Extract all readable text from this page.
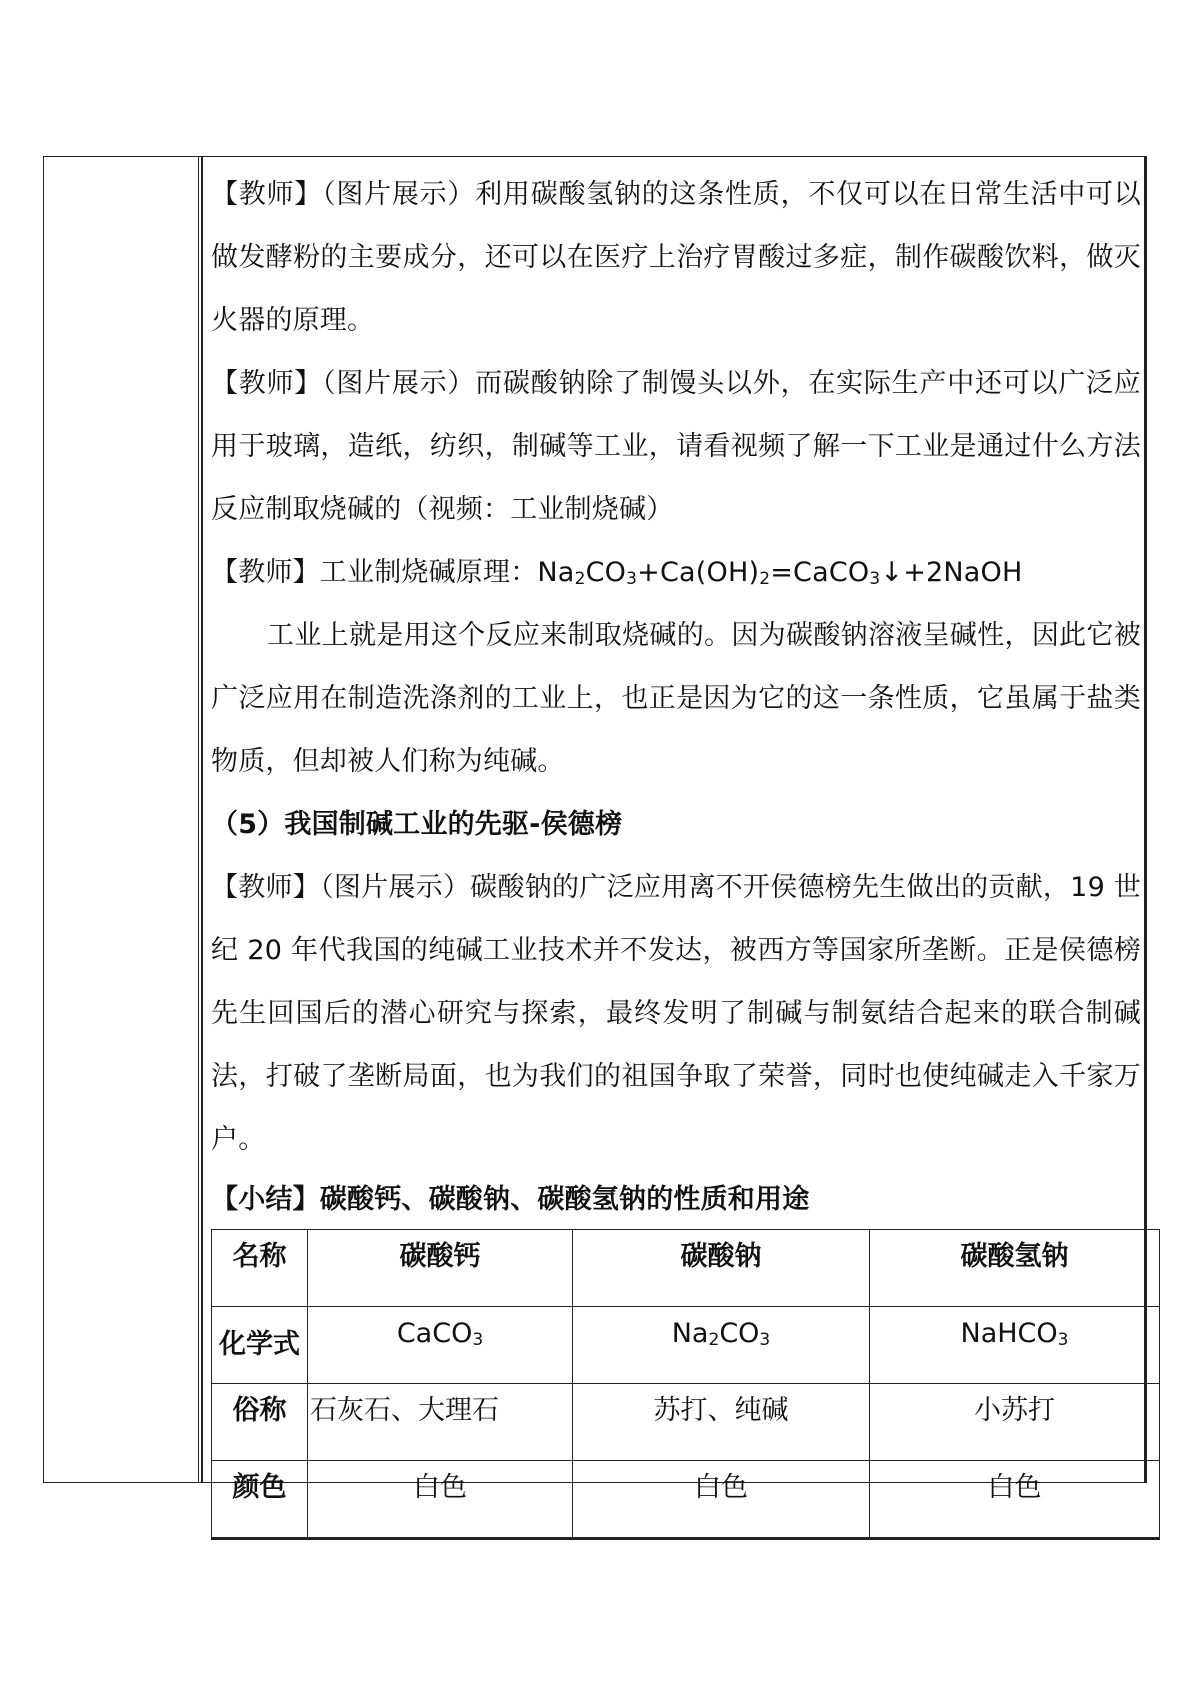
【教师】（图片展示）利用碳酸氢钠的这条性质，不仅可以在日常生活中可以做发酵粉的主要成分，还可以在医疗上治疗胃酸过多症，制作碳酸饮料，做灭火器的原理。

【教师】（图片展示）而碳酸钠除了制馒头以外，在实际生产中还可以广泛应用于玻璃，造纸，纺织，制碱等工业，请看视频了解一下工业是通过什么方法反应制取烧碱的（视频：工业制烧碱）

【教师】工业制烧碱原理：$Na_2CO_3+Ca(OH)_2=CaCO_3↓+2NaOH$

工业上就是用这个反应来制取烧碱的。因为碳酸钠溶液呈碱性，因此它被广泛应用在制造洗涤剂的工业上，也正是因为它的这一条性质，它虽属于盐类物质，但却被人们称为纯碱。

（5）我国制碱工业的先驱-侯德榜

【教师】（图片展示）碳酸钠的广泛应用离不开侯德榜先生做出的贡献，19 世纪 20 年代我国的纯碱工业技术并不发达，被西方等国家所垄断。正是侯德榜先生回国后的潜心研究与探索，最终发明了制碱与制氨结合起来的联合制碱法，打破了垄断局面，也为我们的祖国争取了荣誉，同时也使纯碱走入千家万户。

【小结】碳酸钙、碳酸钠、碳酸氢钠的性质和用途

名称	碳酸钙	碳酸钠	碳酸氢钠
化学式	CaCO$_3$	$Na_2CO_3$	NaHCO$_3$
俗称	石灰石、大理石	苏打、纯碱	小苏打
颜色	白色	白色	白色
